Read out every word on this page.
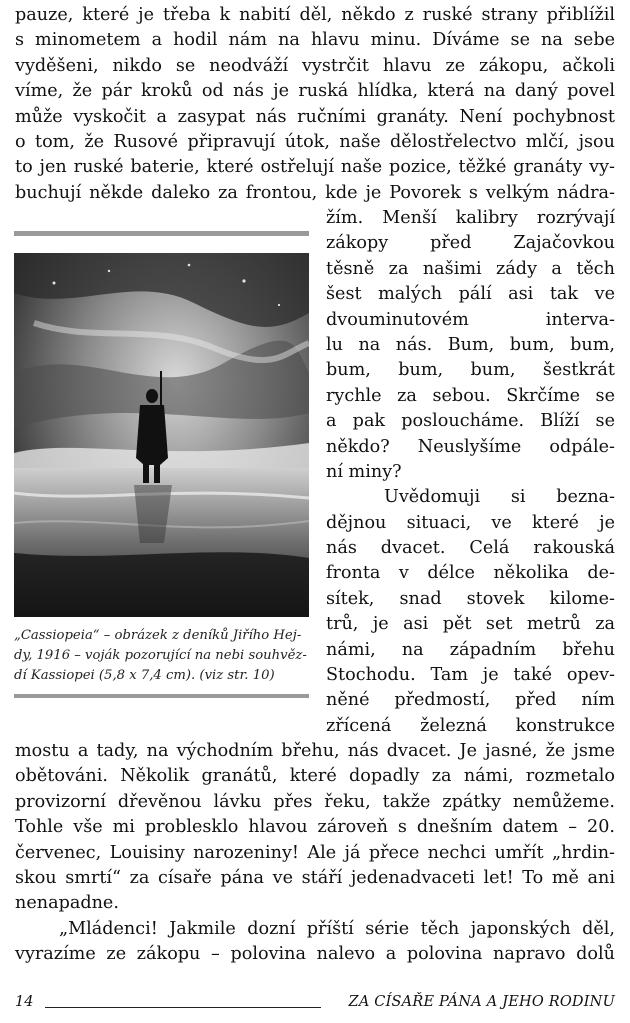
pauze, které je třeba k nabití děl, někdo z ruské strany přiblížil
s minometem a hodil nám na hlavu minu. Díváme se na sebe
vyděšeni, nikdo se neodváží vystrčit hlavu ze zákopu, ačkoli
víme, že pár kroků od nás je ruská hlídka, která na daný povel
může vyskočit a zasypat nás ručními granáty. Není pochybnost
o tom, že Rusové připravují útok, naše dělostřelectvo mlčí, jsou
to jen ruské baterie, které ostřelují naše pozice, těžké granáty vy-
buchují někde daleko za frontou, kde je Povorek s velkým nádra-
žím. Menší kalibry rozrývají
zákopy před Zajačovkou
těsně za našimi zády a těch
šest malých pálí asi tak ve
dvouminutovém interva-
lu na nás. Bum, bum, bum,
bum, bum, bum, šestkrát
rychle za sebou. Skrčíme se
a pak posloucháme. Blíží se
někdo? Neuslyšíme odpále-
ní miny?
Uvědomuji si bezna-
dějnou situaci, ve které je
nás dvacet. Celá rakouská
fronta v délce několika de-
sítek, snad stovek kilome-
trů, je asi pět set metrů za
námi, na západním břehu
Stochodu. Tam je také opev-
něné předmostí, před ním
zřícená železná konstrukce
mostu a tady, na východním břehu, nás dvacet. Je jasné, že jsme
obětováni. Několik granátů, které dopadly za námi, rozmetalo
provizorní dřevěnou lávku přes řeku, takže zpátky nemůžeme.
Tohle vše mi problesklo hlavou zároveň s dnešním datem – 20.
červenec, Louisiny narozeniny! Ale já přece nechci umřít „hrdin-
skou smrtí“ za císaře pána ve stáří jedenadvaceti let! To mě ani
nenapadne.
„Mládenci! Jakmile dozní příští série těch japonských děl,
vyrazíme ze zákopu – polovina nalevo a polovina napravo dolů
„Cassiopeia“ – obrázek z deníků Jiřího Hej-
dy, 1916 – voják pozorující na nebi souhvěz-
dí Kassiopei (5,8 x 7,4 cm). (viz str. 10)
14	ZA CÍSAŘE PÁNA A JEHO RODINU
